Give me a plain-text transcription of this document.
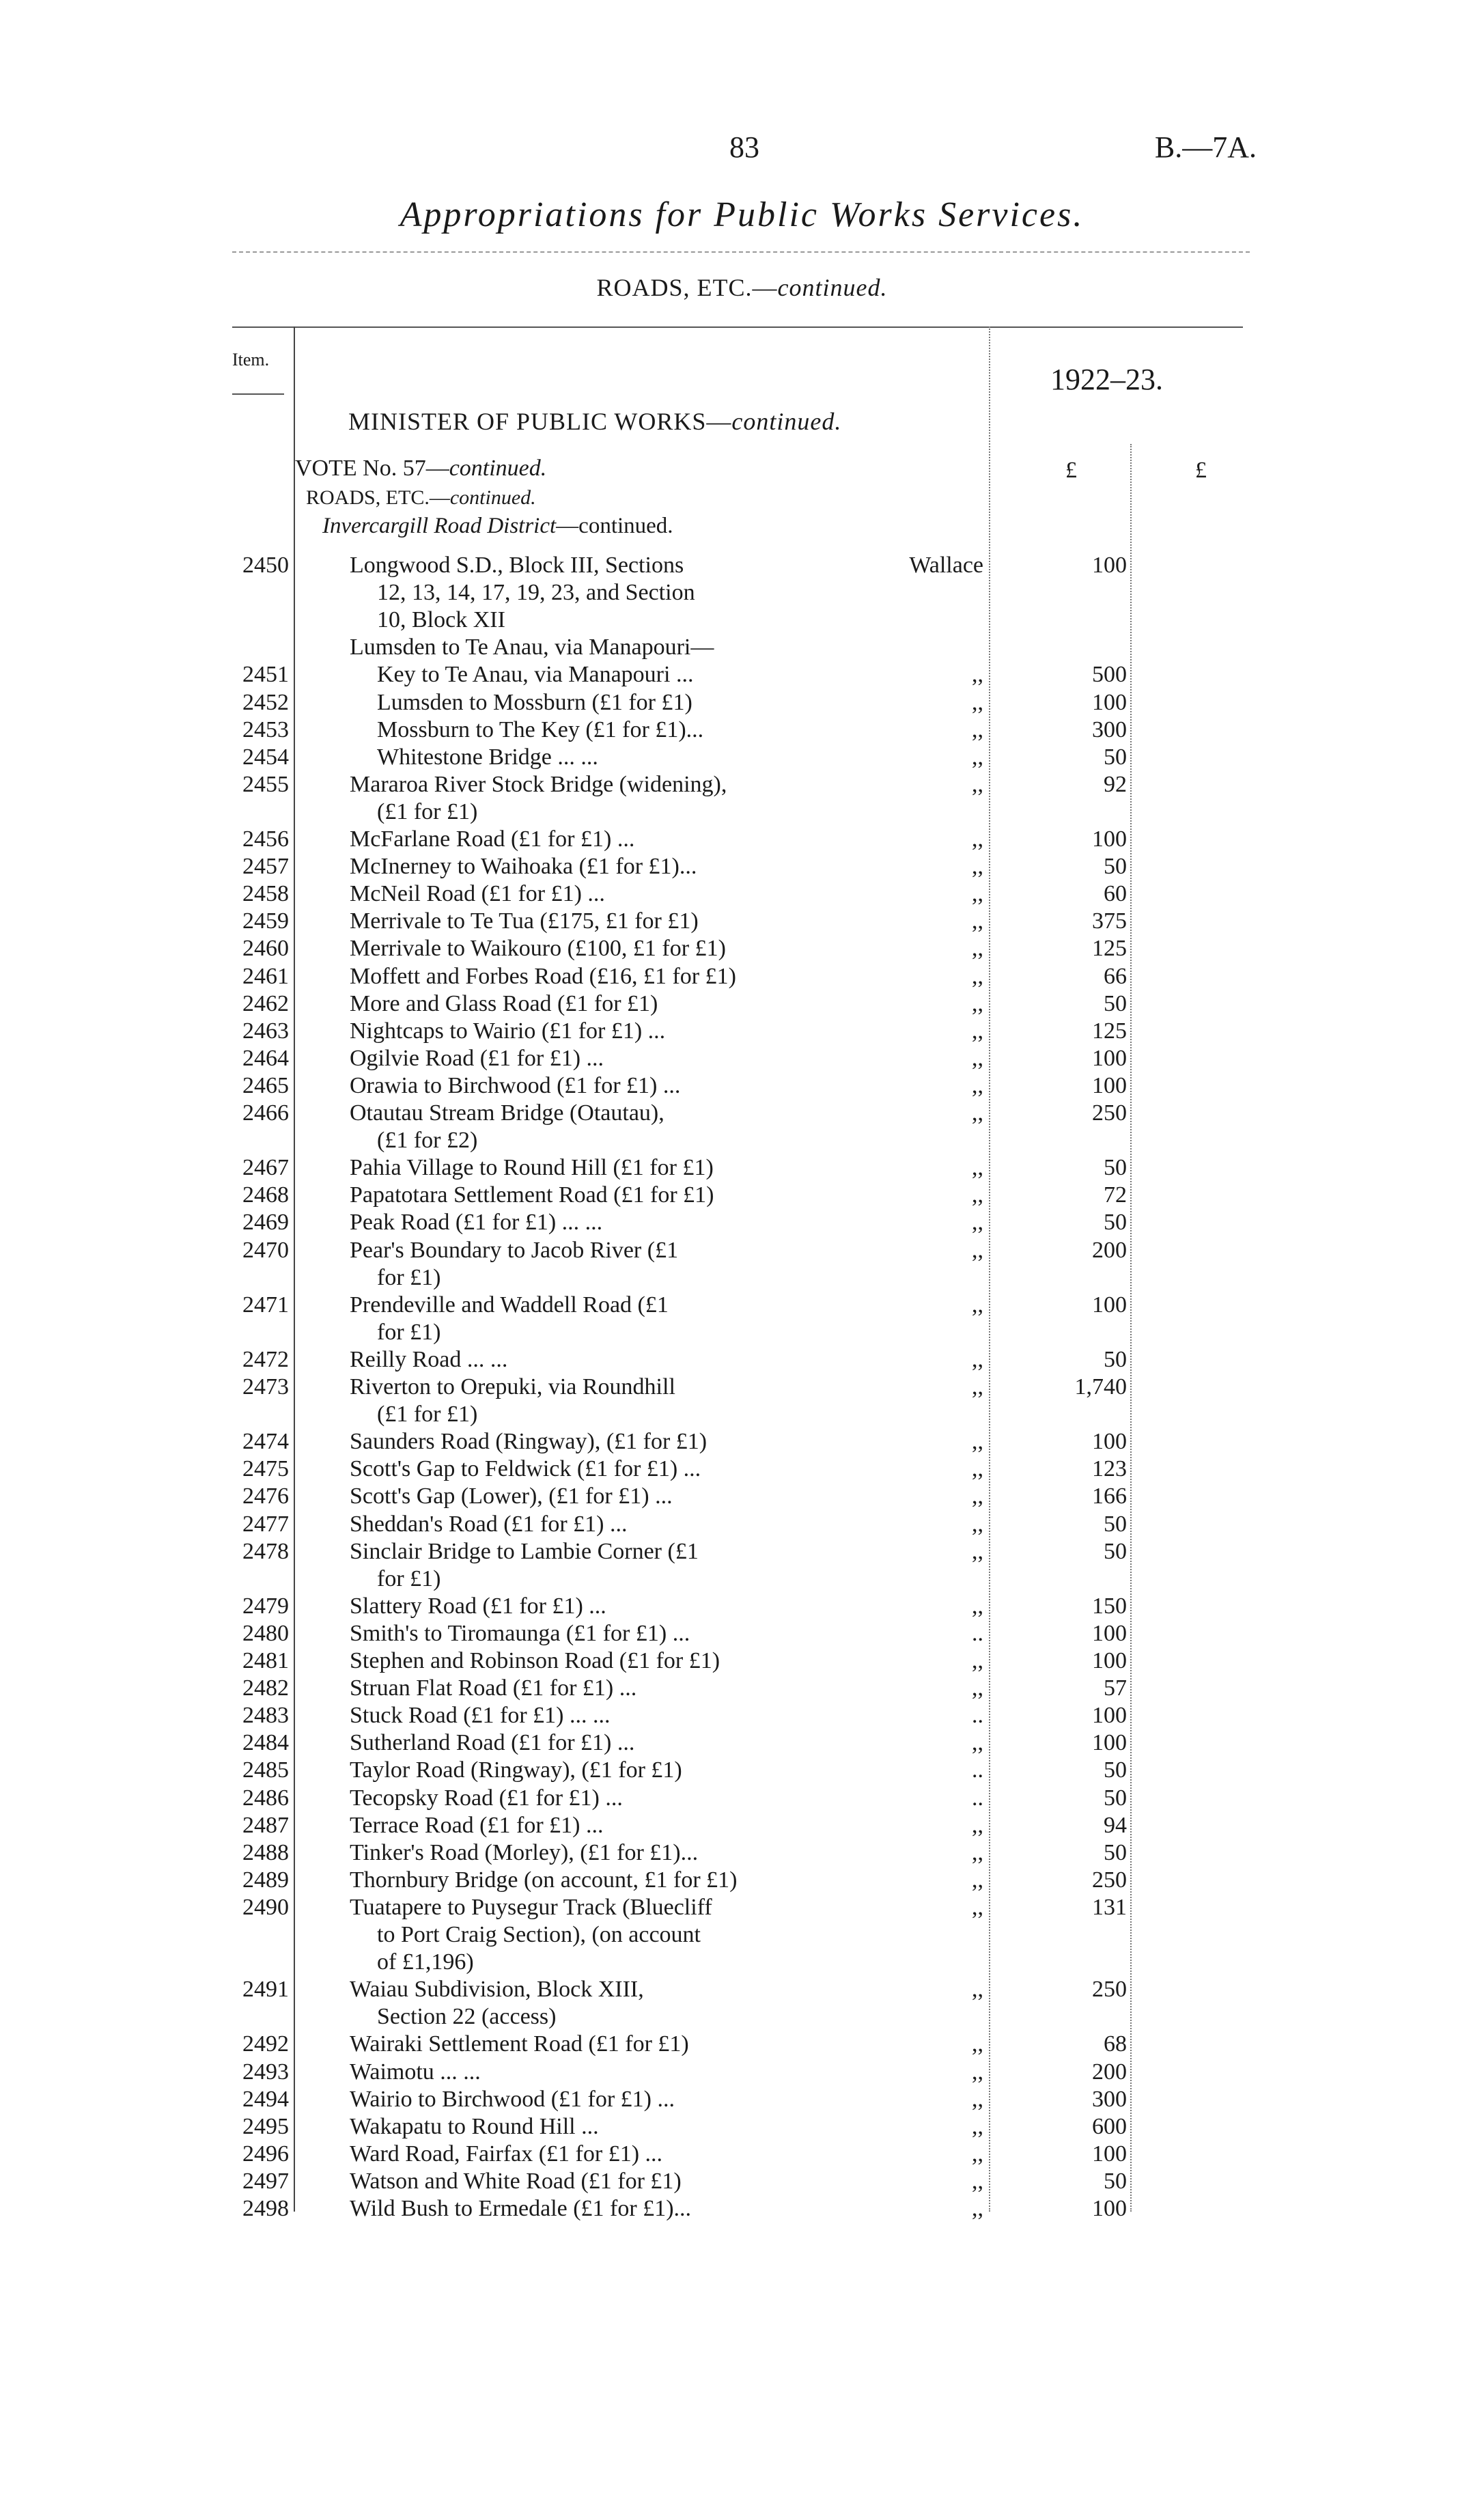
83	B.—7A.
Appropriations for Public Works Services.
ROADS, ETC.—continued.
Item.
1922–23.
MINISTER OF PUBLIC WORKS—continued.
VOTE No. 57—continued.
ROADS, ETC.—continued.
Invercargill Road District—continued.
£	£
2450	Longwood S.D., Block III, Sections	Wallace	100
12, 13, 14, 17, 19, 23, and Section
10, Block XII
Lumsden to Te Anau, via Manapouri—
2451	Key to Te Anau, via Manapouri ...	,,	500
2452	Lumsden to Mossburn (£1 for £1)	,,	100
2453	Mossburn to The Key (£1 for £1)...	,,	300
2454	Whitestone Bridge ... ...	,,	50
2455	Mararoa River Stock Bridge (widening),	,,	92
(£1 for £1)
2456	McFarlane Road (£1 for £1) ...	,,	100
2457	McInerney to Waihoaka (£1 for £1)...	,,	50
2458	McNeil Road (£1 for £1) ...	,,	60
2459	Merrivale to Te Tua (£175, £1 for £1)	,,	375
2460	Merrivale to Waikouro (£100, £1 for £1)	,,	125
2461	Moffett and Forbes Road (£16, £1 for £1)	,,	66
2462	More and Glass Road (£1 for £1)	,,	50
2463	Nightcaps to Wairio (£1 for £1) ...	,,	125
2464	Ogilvie Road (£1 for £1) ...	,,	100
2465	Orawia to Birchwood (£1 for £1) ...	,,	100
2466	Otautau Stream Bridge (Otautau),	,,	250
(£1 for £2)
2467	Pahia Village to Round Hill (£1 for £1)	,,	50
2468	Papatotara Settlement Road (£1 for £1)	,,	72
2469	Peak Road (£1 for £1) ... ...	,,	50
2470	Pear's Boundary to Jacob River (£1	,,	200
for £1)
2471	Prendeville and Waddell Road (£1	,,	100
for £1)
2472	Reilly Road ... ...	,,	50
2473	Riverton to Orepuki, via Roundhill	,,	1,740
(£1 for £1)
2474	Saunders Road (Ringway), (£1 for £1)	,,	100
2475	Scott's Gap to Feldwick (£1 for £1) ...	,,	123
2476	Scott's Gap (Lower), (£1 for £1) ...	,,	166
2477	Sheddan's Road (£1 for £1) ...	,,	50
2478	Sinclair Bridge to Lambie Corner (£1	,,	50
for £1)
2479	Slattery Road (£1 for £1) ...	,,	150
2480	Smith's to Tiromaunga (£1 for £1) ...	..	100
2481	Stephen and Robinson Road (£1 for £1)	,,	100
2482	Struan Flat Road (£1 for £1) ...	,,	57
2483	Stuck Road (£1 for £1) ... ...	..	100
2484	Sutherland Road (£1 for £1) ...	,,	100
2485	Taylor Road (Ringway), (£1 for £1)	..	50
2486	Tecopsky Road (£1 for £1) ...	..	50
2487	Terrace Road (£1 for £1) ...	,,	94
2488	Tinker's Road (Morley), (£1 for £1)...	,,	50
2489	Thornbury Bridge (on account, £1 for £1)	,,	250
2490	Tuatapere to Puysegur Track (Bluecliff	,,	131
to Port Craig Section), (on account
of £1,196)
2491	Waiau Subdivision, Block XIII,	,,	250
Section 22 (access)
2492	Wairaki Settlement Road (£1 for £1)	,,	68
2493	Waimotu ... ...	,,	200
2494	Wairio to Birchwood (£1 for £1) ...	,,	300
2495	Wakapatu to Round Hill ...	,,	600
2496	Ward Road, Fairfax (£1 for £1) ...	,,	100
2497	Watson and White Road (£1 for £1)	,,	50
2498	Wild Bush to Ermedale (£1 for £1)...	,,	100
